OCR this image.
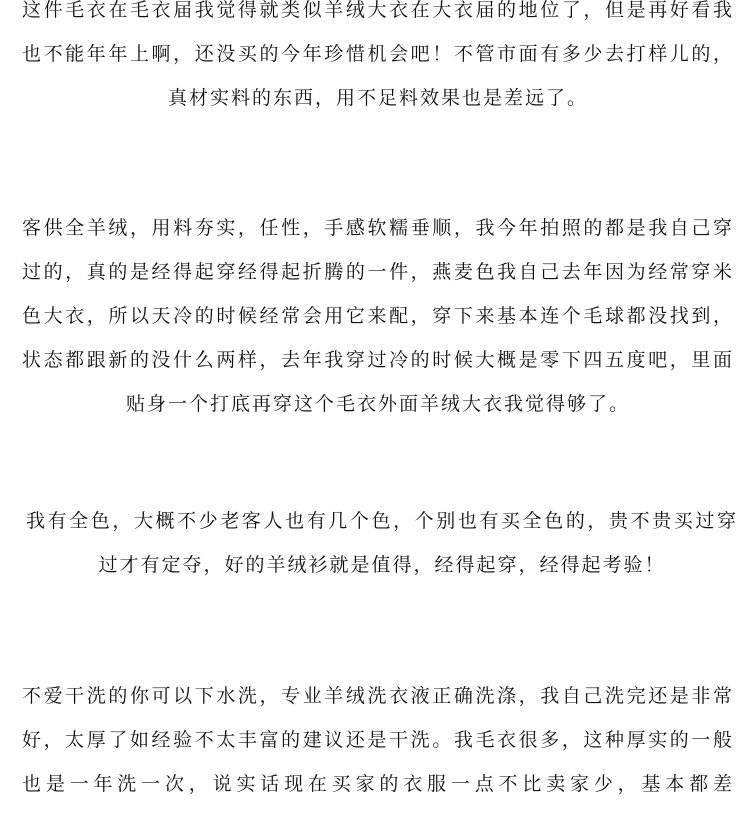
这件毛衣在毛衣届我觉得就类似羊绒大衣在大衣届的地位了，但是再好看我也不能年年上啊，还没买的今年珍惜机会吧！不管市面有多少去打样儿的，真材实料的东西，用不足料效果也是差远了。

客供全羊绒，用料夯实，任性，手感软糯垂顺，我今年拍照的都是我自己穿过的，真的是经得起穿经得起折腾的一件，燕麦色我自己去年因为经常穿米色大衣，所以天冷的时候经常会用它来配，穿下来基本连个毛球都没找到，状态都跟新的没什么两样，去年我穿过冷的时候大概是零下四五度吧，里面贴身一个打底再穿这个毛衣外面羊绒大衣我觉得够了。

我有全色，大概不少老客人也有几个色，个别也有买全色的，贵不贵买过穿过才有定夺，好的羊绒衫就是值得，经得起穿，经得起考验！

不爱干洗的你可以下水洗，专业羊绒洗衣液正确洗涤，我自己洗完还是非常好，太厚了如经验不太丰富的建议还是干洗。我毛衣很多，这种厚实的一般也是一年洗一次，说实话现在买家的衣服一点不比卖家少，基本都差
